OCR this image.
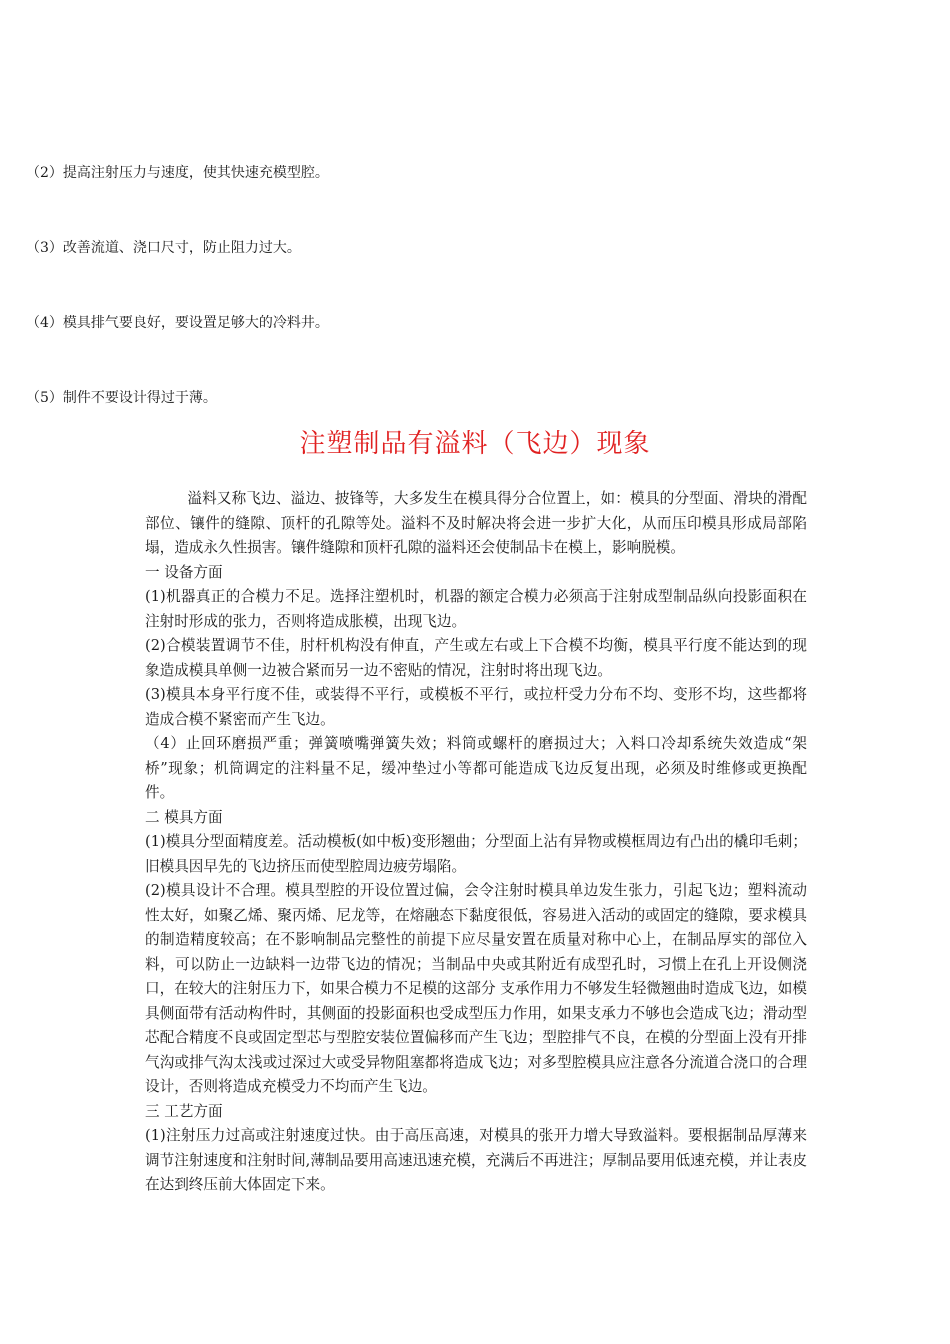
（2）提高注射压力与速度，使其快速充模型腔。
（3）改善流道、浇口尺寸，防止阻力过大。
（4）模具排气要良好，要设置足够大的冷料井。
（5）制件不要设计得过于薄。
注塑制品有溢料（飞边）现象

溢料又称飞边、溢边、披锋等，大多发生在模具得分合位置上，如：模具的分型面、滑块的滑配部位、镶件的缝隙、顶杆的孔隙等处。溢料不及时解决将会进一步扩大化，从而压印模具形成局部陷塌，造成永久性损害。镶件缝隙和顶杆孔隙的溢料还会使制品卡在模上，影响脱模。

一 设备方面

(1)机器真正的合模力不足。选择注塑机时，机器的额定合模力必须高于注射成型制品纵向投影面积在注射时形成的张力，否则将造成胀模，出现飞边。

(2)合模装置调节不佳，肘杆机构没有伸直，产生或左右或上下合模不均衡，模具平行度不能达到的现象造成模具单侧一边被合紧而另一边不密贴的情况，注射时将出现飞边。

(3)模具本身平行度不佳，或装得不平行，或模板不平行，或拉杆受力分布不均、变形不均，这些都将造成合模不紧密而产生飞边。

（4）止回环磨损严重；弹簧喷嘴弹簧失效；料筒或螺杆的磨损过大；入料口冷却系统失效造成“架桥”现象；机筒调定的注料量不足，缓冲垫过小等都可能造成飞边反复出现，必须及时维修或更换配件。

二 模具方面

(1)模具分型面精度差。活动模板(如中板)变形翘曲；分型面上沾有异物或模框周边有凸出的橇印毛刺；旧模具因早先的飞边挤压而使型腔周边疲劳塌陷。

(2)模具设计不合理。模具型腔的开设位置过偏，会令注射时模具单边发生张力，引起飞边；塑料流动性太好，如聚乙烯、聚丙烯、尼龙等，在熔融态下黏度很低，容易进入活动的或固定的缝隙，要求模具的制造精度较高；在不影响制品完整性的前提下应尽量安置在质量对称中心上，在制品厚实的部位入料，可以防止一边缺料一边带飞边的情况；当制品中央或其附近有成型孔时，习惯上在孔上开设侧浇口，在较大的注射压力下，如果合模力不足模的这部分 支承作用力不够发生轻微翘曲时造成飞边，如模具侧面带有活动构件时，其侧面的投影面积也受成型压力作用，如果支承力不够也会造成飞边；滑动型芯配合精度不良或固定型芯与型腔安装位置偏移而产生飞边；型腔排气不良，在模的分型面上没有开排气沟或排气沟太浅或过深过大或受异物阻塞都将造成飞边；对多型腔模具应注意各分流道合浇口的合理设计，否则将造成充模受力不均而产生飞边。

三 工艺方面

(1)注射压力过高或注射速度过快。由于高压高速，对模具的张开力增大导致溢料。要根据制品厚薄来调节注射速度和注射时间,薄制品要用高速迅速充模，充满后不再进注；厚制品要用低速充模，并让表皮在达到终压前大体固定下来。
